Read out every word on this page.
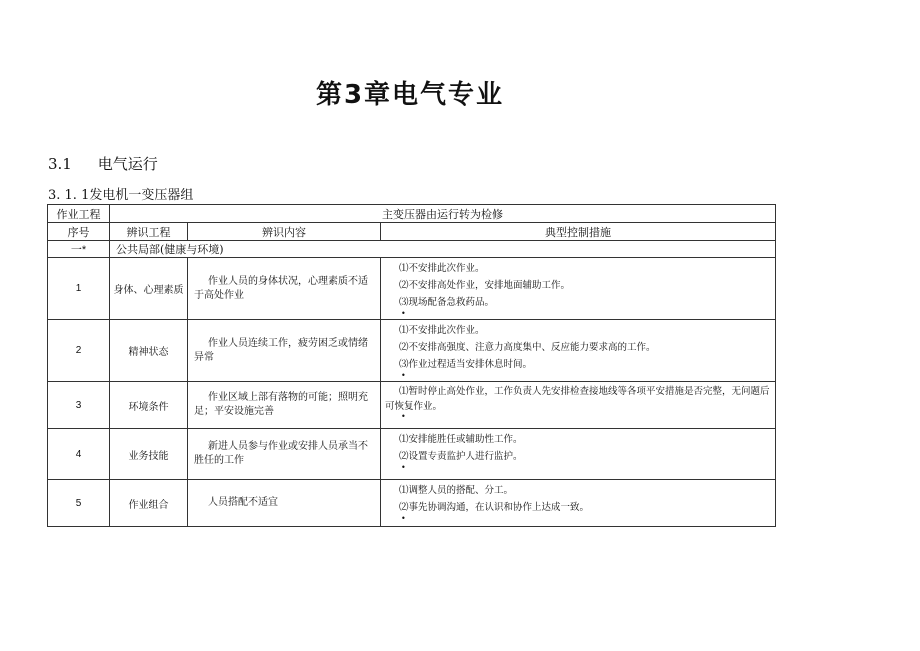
第3章电气专业
3.1 电气运行
3. 1. 1发电机一变压器组
作业工程	主变压器由运行转为检修		
序号	辨识工程	辨识内容	典型控制措施
一*	公共局部(健康与环境)		
1	身体、心理素质	作业人员的身体状况，心理素质不适于高处作业	⑴不安排此次作业。
⑵不安排高处作业，安排地面辅助工作。
⑶现场配备急救药品。
•

2	精神状态	作业人员连续工作，疲劳困乏或情绪异常	⑴不安排此次作业。
⑵不安排高强度、注意力高度集中、反应能力要求高的工作。
⑶作业过程适当安排休息时间。
•

3	环境条件	作业区域上部有落物的可能；照明充足；平安设施完善	⑴暂时停止高处作业，工作负责人先安排检查接地线等各项平安措施是否完整，无问题后可恢复作业。
•

4	业务技能	新进人员参与作业或安排人员承当不胜任的工作	⑴安排能胜任或辅助性工作。
⑵设置专责监护人进行监护。
•

5	作业组合	人员搭配不适宜	⑴调整人员的搭配、分工。
⑵事先协调沟通，在认识和协作上达成一致。
•
